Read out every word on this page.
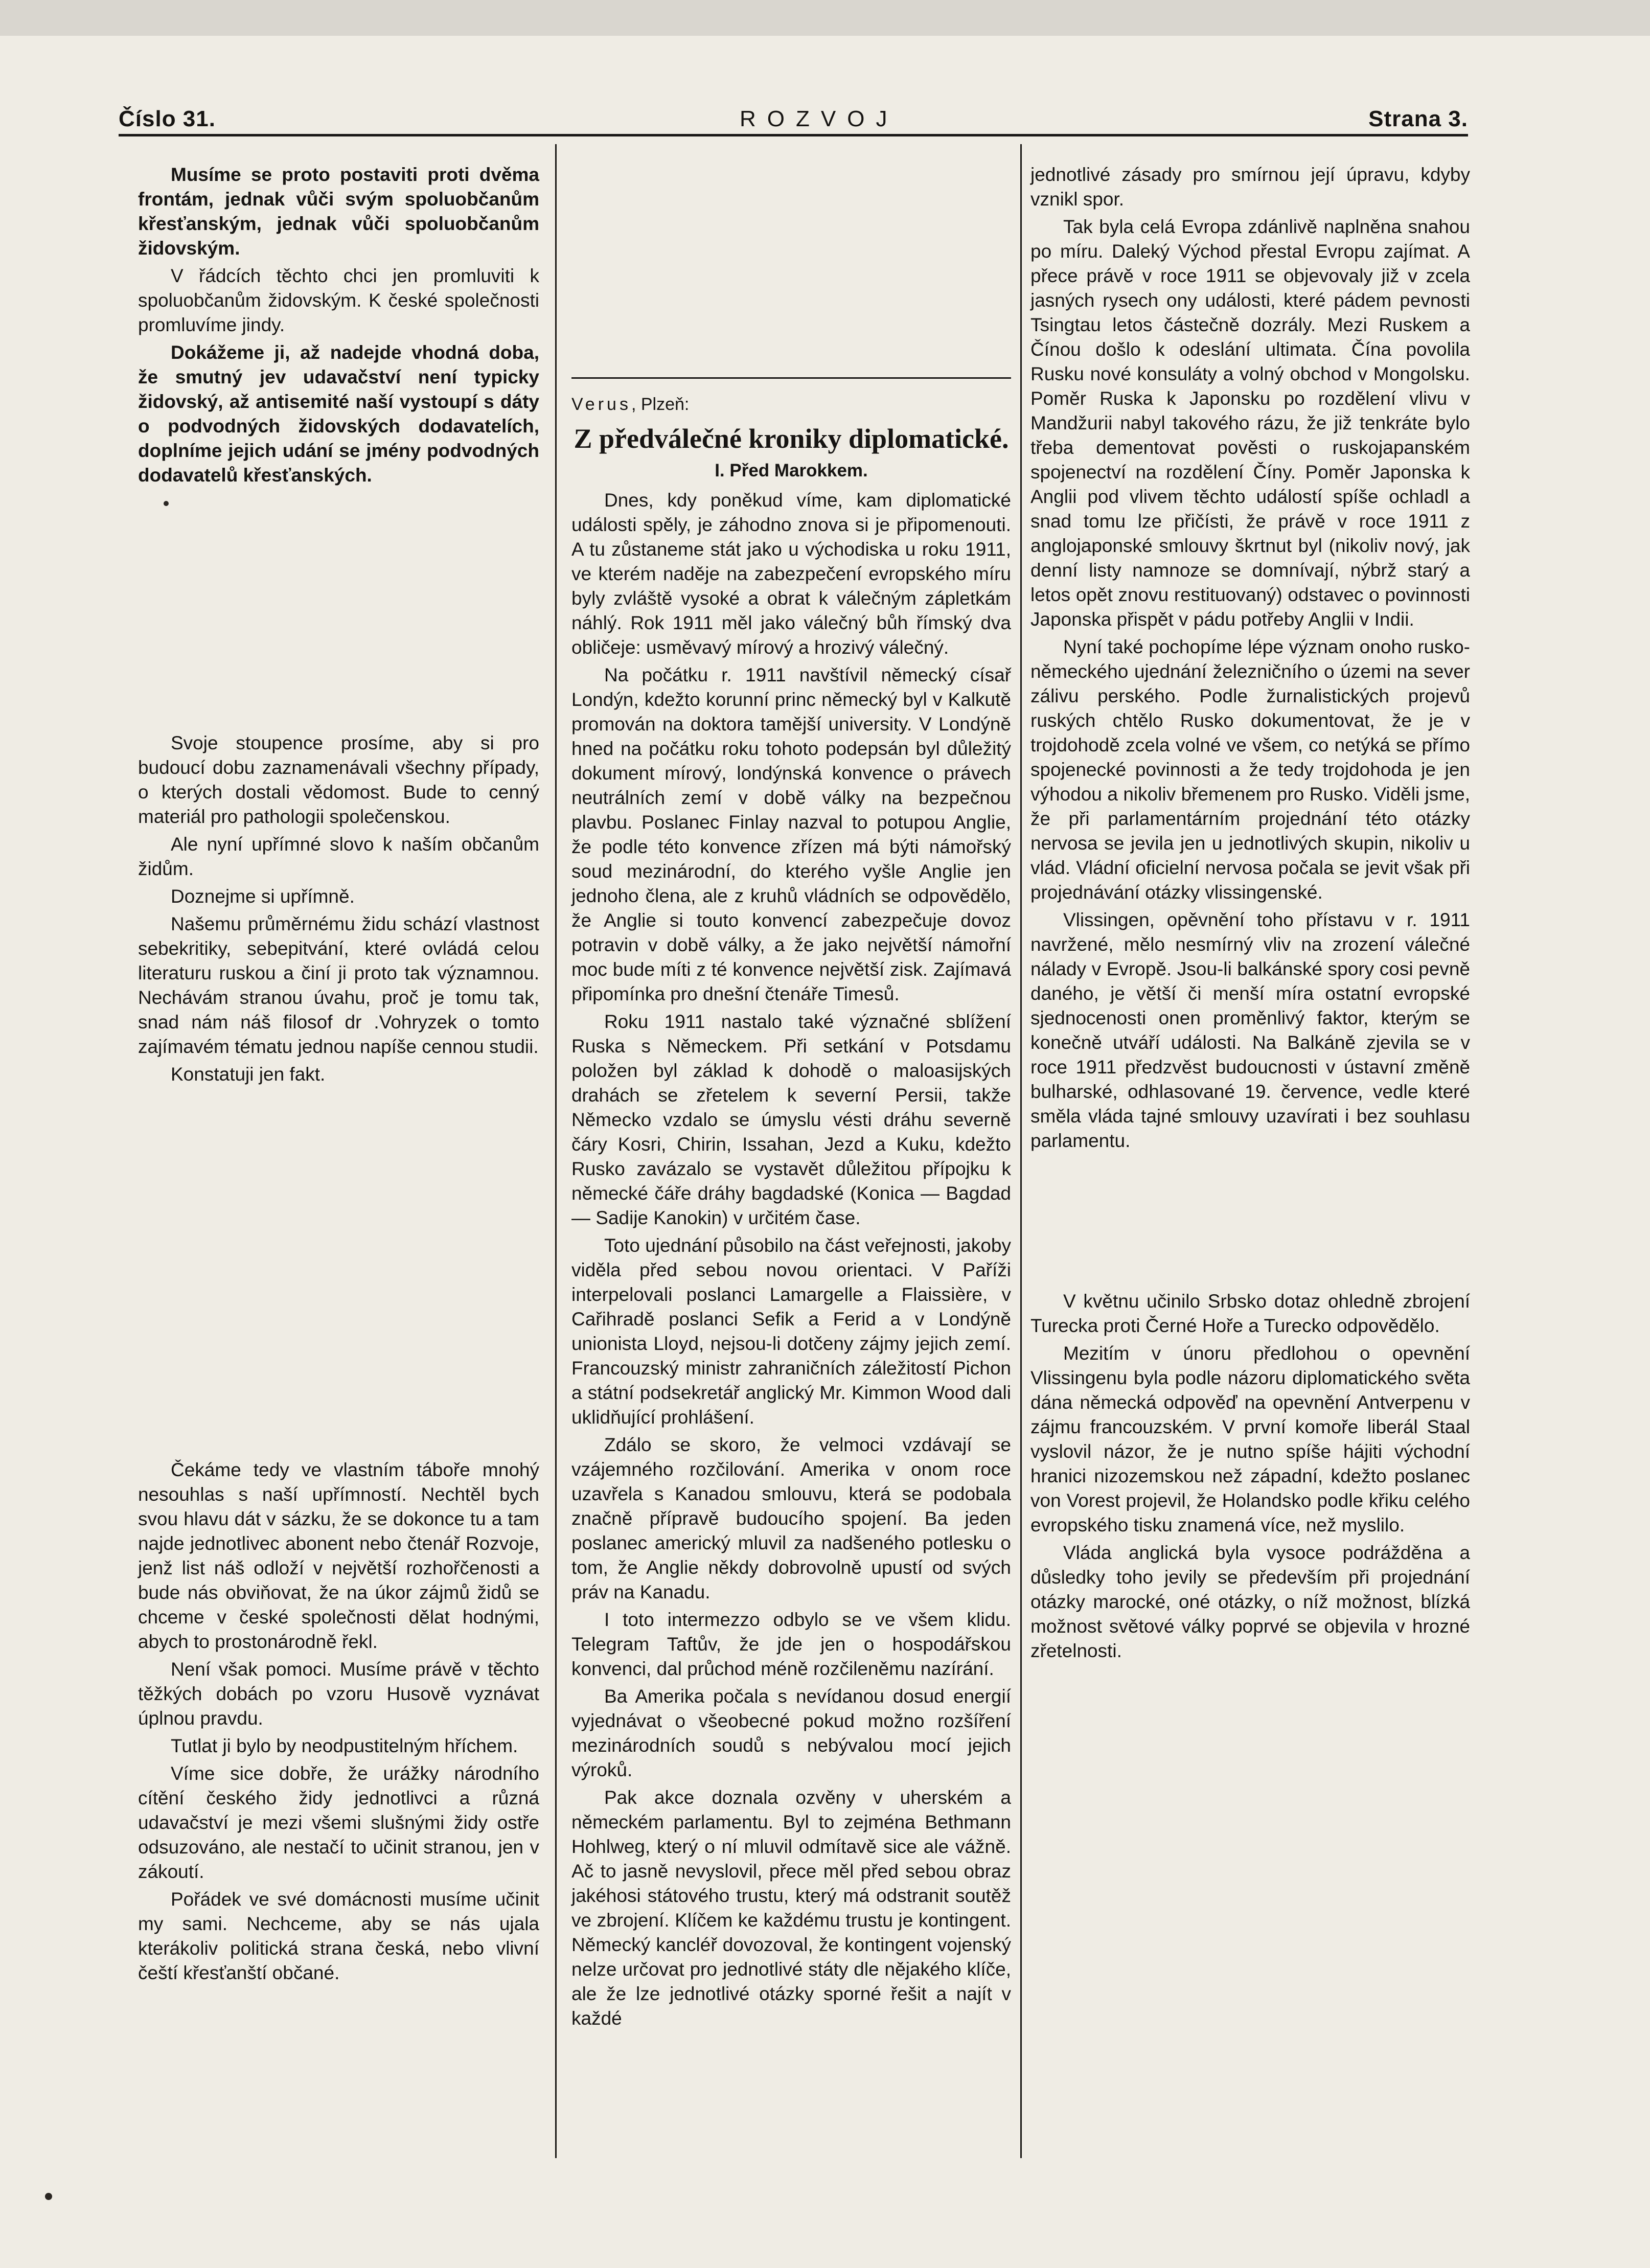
Číslo 31.	ROZVOJ	Strana 3.

Musíme se proto postaviti proti dvěma frontám, jednak vůči svým spoluobčanům křesťanským, jednak vůči spoluobčanům židovským.

V řádcích těchto chci jen promluviti k spoluobčanům židovským. K české společnosti promluvíme jindy.

Dokážeme ji, až nadejde vhodná doba, že smutný jev udavačství není typicky židovský, až antisemité naší vystoupí s dáty o podvodných židovských dodavatelích, doplníme jejich udání se jmény podvodných dodavatelů křesťanských.

Svoje stoupence prosíme, aby si pro budoucí dobu zaznamenávali všechny případy, o kterých dostali vědomost. Bude to cenný materiál pro pathologii společenskou.

Ale nyní upřímné slovo k naším občanům židům.

Doznejme si upřímně.

Našemu průměrnému židu schází vlastnost sebekritiky, sebepitvání, které ovládá celou literaturu ruskou a činí ji proto tak významnou. Nechávám stranou úvahu, proč je tomu tak, snad nám náš filosof dr .Vohryzek o tomto zajímavém tématu jednou napíše cennou studii.

Konstatuji jen fakt.

Čekáme tedy ve vlastním táboře mnohý nesouhlas s naší upřímností. Nechtěl bych svou hlavu dát v sázku, že se dokonce tu a tam najde jednotlivec abonent nebo čtenář Rozvoje, jenž list náš odloží v největší rozhořčenosti a bude nás obviňovat, že na úkor zájmů židů se chceme v české společnosti dělat hodnými, abych to prostonárodně řekl.

Není však pomoci. Musíme právě v těchto těžkých dobách po vzoru Husově vyznávat úplnou pravdu.

Tutlat ji bylo by neodpustitelným hříchem.

Víme sice dobře, že urážky národního cítění českého židy jednotlivci a různá udavačství je mezi všemi slušnými židy ostře odsuzováno, ale nestačí to učinit stranou, jen v zákoutí.

Pořádek ve své domácnosti musíme učinit my sami. Nechceme, aby se nás ujala kterákoliv politická strana česká, nebo vlivní čeští křesťanští občané.

Verus, Plzeň:
Z předválečné kroniky diplomatické.
I. Před Marokkem.

Dnes, kdy poněkud víme, kam diplomatické události spěly, je záhodno znova si je připomenouti. A tu zůstaneme stát jako u východiska u roku 1911, ve kterém naděje na zabezpečení evropského míru byly zvláště vysoké a obrat k válečným zápletkám náhlý. Rok 1911 měl jako válečný bůh římský dva obličeje: usměvavý mírový a hrozivý válečný.

Na počátku r. 1911 navštívil německý císař Londýn, kdežto korunní princ německý byl v Kalkutě promován na doktora tamější university. V Londýně hned na počátku roku tohoto podepsán byl důležitý dokument mírový, londýnská konvence o právech neutrálních zemí v době války na bezpečnou plavbu. Poslanec Finlay nazval to potupou Anglie, že podle této konvence zřízen má býti námořský soud mezinárodní, do kterého vyšle Anglie jen jednoho člena, ale z kruhů vládních se odpovědělo, že Anglie si touto konvencí zabezpečuje dovoz potravin v době války, a že jako největší námořní moc bude míti z té konvence největší zisk. Zajímavá připomínka pro dnešní čtenáře Timesů.

Roku 1911 nastalo také význačné sblížení Ruska s Německem. Při setkání v Potsdamu položen byl základ k dohodě o maloasijských drahách se zřetelem k severní Persii, takže Německo vzdalo se úmyslu vésti dráhu severně čáry Kosri, Chirin, Issahan, Jezd a Kuku, kdežto Rusko zavázalo se vystavět důležitou přípojku k německé čáře dráhy bagdadské (Konica — Bagdad — Sadije Kanokin) v určitém čase.

Toto ujednání působilo na část veřejnosti, jakoby viděla před sebou novou orientaci. V Paříži interpelovali poslanci Lamargelle a Flaissière, v Cařihradě poslanci Sefik a Ferid a v Londýně unionista Lloyd, nejsou-li dotčeny zájmy jejich zemí. Francouzský ministr zahraničních záležitostí Pichon a státní podsekretář anglický Mr. Kimmon Wood dali uklidňující prohlášení.

Zdálo se skoro, že velmoci vzdávají se vzájemného rozčilování. Amerika v onom roce uzavřela s Kanadou smlouvu, která se podobala značně přípravě budoucího spojení. Ba jeden poslanec americký mluvil za nadšeného potlesku o tom, že Anglie někdy dobrovolně upustí od svých práv na Kanadu.

I toto intermezzo odbylo se ve všem klidu. Telegram Taftův, že jde jen o hospodářskou konvenci, dal průchod méně rozčileněmu nazírání.

Ba Amerika počala s nevídanou dosud energií vyjednávat o všeobecné pokud možno rozšíření mezinárodních soudů s nebývalou mocí jejich výroků.

Pak akce doznala ozvěny v uherském a německém parlamentu. Byl to zejména Bethmann Hohlweg, který o ní mluvil odmítavě sice ale vážně. Ač to jasně nevyslovil, přece měl před sebou obraz jakéhosi státového trustu, který má odstranit soutěž ve zbrojení. Klíčem ke každému trustu je kontingent. Německý kancléř dovozoval, že kontingent vojenský nelze určovat pro jednotlivé státy dle nějakého klíče, ale že lze jednotlivé otázky sporné řešit a najít v každé

jednotlivé zásady pro smírnou její úpravu, kdyby vznikl spor.

Tak byla celá Evropa zdánlivě naplněna snahou po míru. Daleký Východ přestal Evropu zajímat. A přece právě v roce 1911 se objevovaly již v zcela jasných rysech ony události, které pádem pevnosti Tsingtau letos částečně dozrály. Mezi Ruskem a Čínou došlo k odeslání ultimata. Čína povolila Rusku nové konsuláty a volný obchod v Mongolsku. Poměr Ruska k Japonsku po rozdělení vlivu v Mandžurii nabyl takového rázu, že již tenkráte bylo třeba dementovat pověsti o ruskojapanském spojenectví na rozdělení Číny. Poměr Japonska k Anglii pod vlivem těchto událostí spíše ochladl a snad tomu lze přičísti, že právě v roce 1911 z anglojaponské smlouvy škrtnut byl (nikoliv nový, jak denní listy namnoze se domnívají, nýbrž starý a letos opět znovu restituovaný) odstavec o povinnosti Japonska přispět v pádu potřeby Anglii v Indii.

Nyní také pochopíme lépe význam onoho rusko-německého ujednání železničního o územi na sever zálivu perského. Podle žurnalistických projevů ruských chtělo Rusko dokumentovat, že je v trojdohodě zcela volné ve všem, co netýká se přímo spojenecké povinnosti a že tedy trojdohoda je jen výhodou a nikoliv břemenem pro Rusko. Viděli jsme, že při parlamentárním projednání této otázky nervosa se jevila jen u jednotlivých skupin, nikoliv u vlád. Vládní oficielní nervosa počala se jevit však při projednávání otázky vlissingenské.

Vlissingen, opěvnění toho přístavu v r. 1911 navržené, mělo nesmírný vliv na zrození válečné nálady v Evropě. Jsou-li balkánské spory cosi pevně daného, je větší či menší míra ostatní evropské sjednocenosti onen proměnlivý faktor, kterým se konečně utváří události. Na Balkáně zjevila se v roce 1911 předzvěst budoucnosti v ústavní změně bulharské, odhlasované 19. července, vedle které směla vláda tajné smlouvy uzavírati i bez souhlasu parlamentu.

V květnu učinilo Srbsko dotaz ohledně zbrojení Turecka proti Černé Hoře a Turecko odpovědělo.

Mezitím v únoru předlohou o opevnění Vlissingenu byla podle názoru diplomatického světa dána německá odpověď na opevnění Antverpenu v zájmu francouzském. V první komoře liberál Staal vyslovil názor, že je nutno spíše hájiti východní hranici nizozemskou než západní, kdežto poslanec von Vorest projevil, že Holandsko podle křiku celého evropského tisku znamená více, než myslilo.

Vláda anglická byla vysoce podrážděna a důsledky toho jevily se především při projednání otázky marocké, oné otázky, o níž možnost, blízká možnost světové války poprvé se objevila v hrozné zřetelnosti.
